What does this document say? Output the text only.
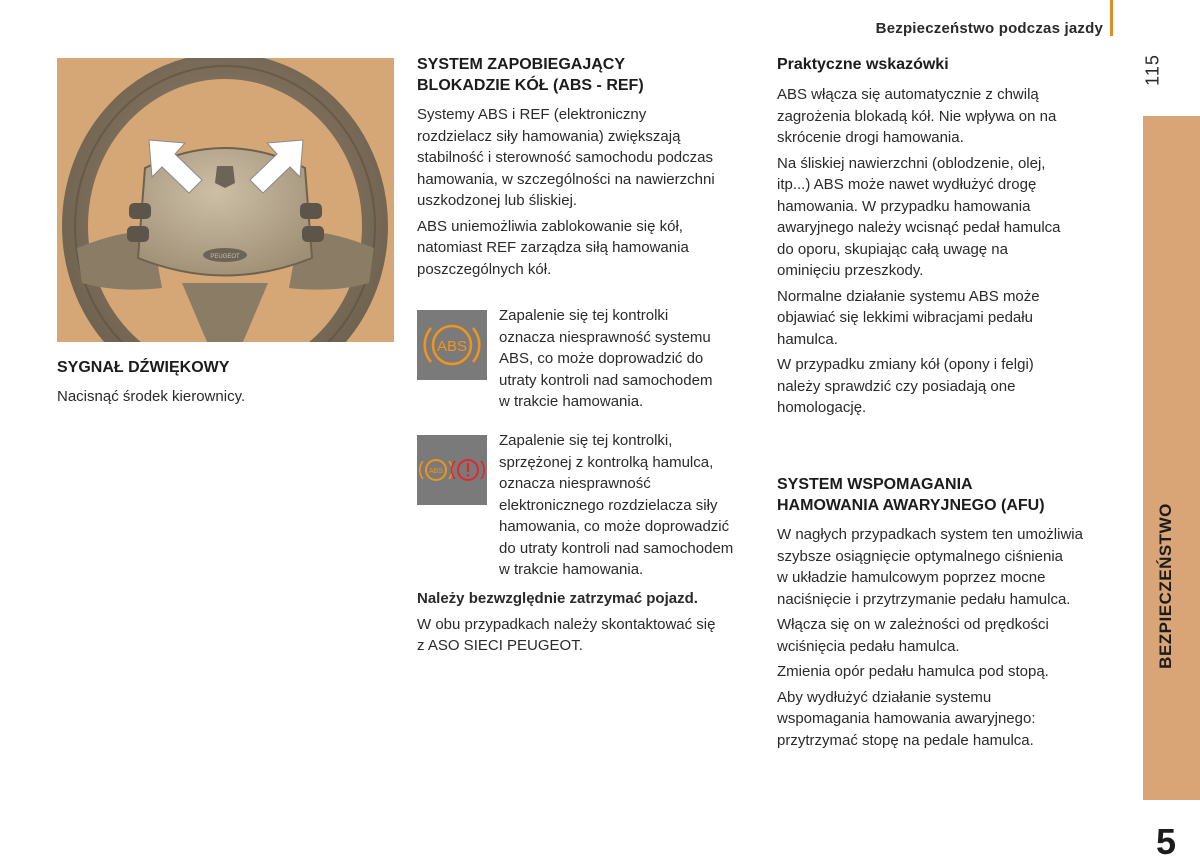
Bezpieczeństwo podczas jazdy
115
BEZPIECZEŃSTWO
5
PEUGEOT
SYGNAŁ DŹWIĘKOWY
Nacisnąć środek kierownicy.
SYSTEM ZAPOBIEGAJĄCY
BLOKADZIE KÓŁ (ABS - REF)
Systemy ABS i REF (elektroniczny
rozdzielacz siły hamowania) zwiększają
stabilność i sterowność samochodu podczas
hamowania, w szczególności na nawierzchni
uszkodzonej lub śliskiej.
ABS uniemożliwia zablokowanie się kół,
natomiast REF zarządza siłą hamowania
poszczególnych kół.
ABS
Zapalenie się tej kontrolki
oznacza niesprawność systemu
ABS, co może doprowadzić do
utraty kontroli nad samochodem
w trakcie hamowania.
ABS
Zapalenie się tej kontrolki,
sprzężonej z kontrolką hamulca,
oznacza niesprawność
elektronicznego rozdzielacza siły
hamowania, co może doprowadzić
do utraty kontroli nad samochodem
w trakcie hamowania.
Należy bezwzględnie zatrzymać pojazd.
W obu przypadkach należy skontaktować się
z ASO SIECI PEUGEOT.
Praktyczne wskazówki
ABS włącza się automatycznie z chwilą
zagrożenia blokadą kół. Nie wpływa on na
skrócenie drogi hamowania.
Na śliskiej nawierzchni (oblodzenie, olej,
itp...) ABS może nawet wydłużyć drogę
hamowania. W przypadku hamowania
awaryjnego należy wcisnąć pedał hamulca
do oporu, skupiając całą uwagę na
ominięciu przeszkody.
Normalne działanie systemu ABS może
objawiać się lekkimi wibracjami pedału
hamulca.
W przypadku zmiany kół (opony i felgi)
należy sprawdzić czy posiadają one
homologację.
SYSTEM WSPOMAGANIA
HAMOWANIA AWARYJNEGO (AFU)
W nagłych przypadkach system ten umożliwia
szybsze osiągnięcie optymalnego ciśnienia
w układzie hamulcowym poprzez mocne
naciśnięcie i przytrzymanie pedału hamulca.
Włącza się on w zależności od prędkości
wciśnięcia pedału hamulca.
Zmienia opór pedału hamulca pod stopą.
Aby wydłużyć działanie systemu
wspomagania hamowania awaryjnego:
przytrzymać stopę na pedale hamulca.
